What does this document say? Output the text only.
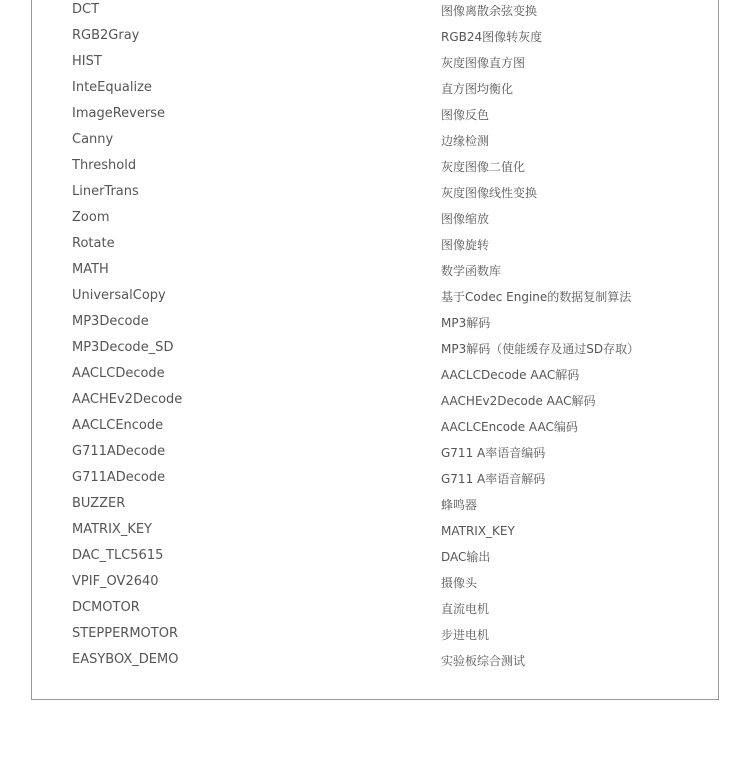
DCT	图像离散余弦变换
RGB2Gray	RGB24图像转灰度
HIST	灰度图像直方图
InteEqualize	直方图均衡化
ImageReverse	图像反色
Canny	边缘检测
Threshold	灰度图像二值化
LinerTrans	灰度图像线性变换
Zoom	图像缩放
Rotate	图像旋转
MATH	数学函数库
UniversalCopy	基于Codec Engine的数据复制算法
MP3Decode	MP3解码
MP3Decode_SD	MP3解码（使能缓存及通过SD存取）
AACLCDecode	AACLCDecode AAC解码
AACHEv2Decode	AACHEv2Decode AAC解码
AACLCEncode	AACLCEncode AAC编码
G711ADecode	G711 A率语音编码
G711ADecode	G711 A率语音解码
BUZZER	蜂鸣器
MATRIX_KEY	MATRIX_KEY
DAC_TLC5615	DAC输出
VPIF_OV2640	摄像头
DCMOTOR	直流电机
STEPPERMOTOR	步进电机
EASYBOX_DEMO	实验板综合测试
